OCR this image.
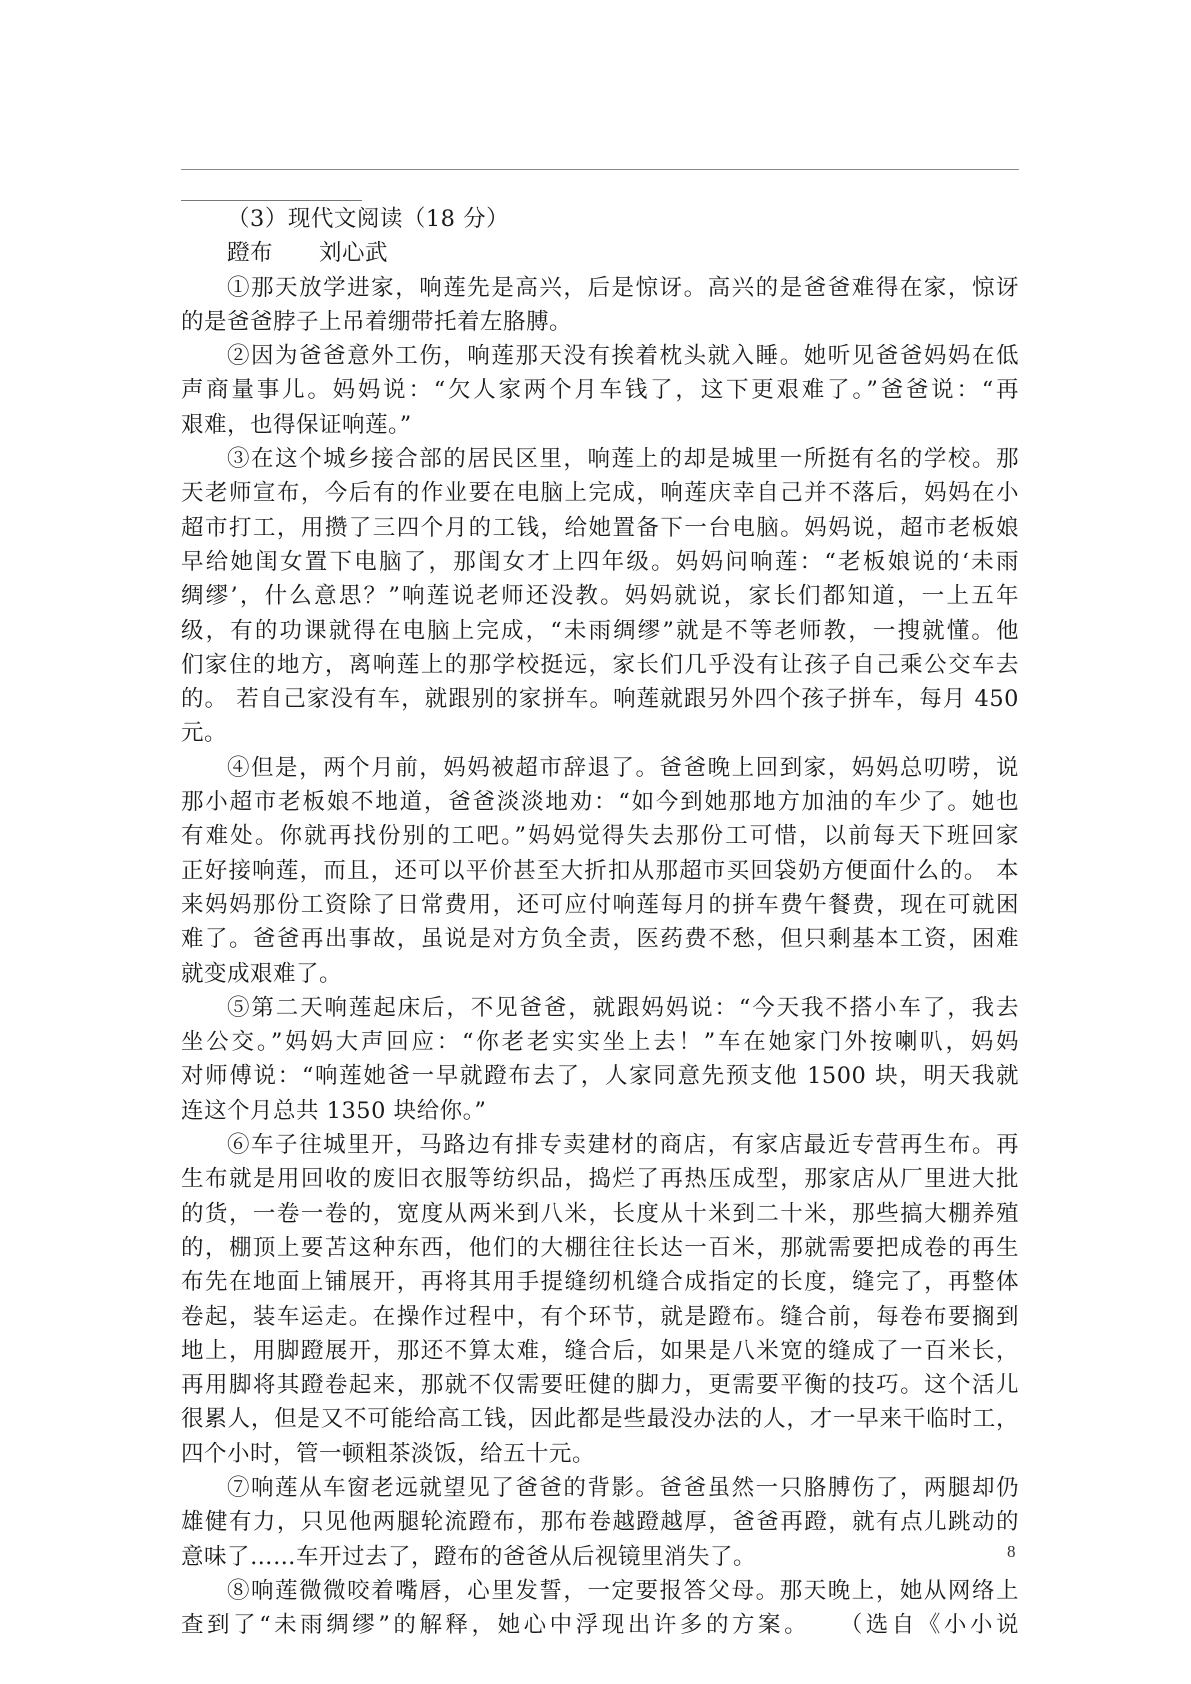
（3）现代文阅读（18 分）
蹬布　　刘心武
①那天放学进家，响莲先是高兴，后是惊讶。高兴的是爸爸难得在家，惊讶
的是爸爸脖子上吊着绷带托着左胳膊。
②因为爸爸意外工伤，响莲那天没有挨着枕头就入睡。她听见爸爸妈妈在低
声商量事儿。妈妈说：“欠人家两个月车钱了，这下更艰难了。”爸爸说：“再
艰难，也得保证响莲。”
③在这个城乡接合部的居民区里，响莲上的却是城里一所挺有名的学校。那
天老师宣布，今后有的作业要在电脑上完成，响莲庆幸自己并不落后，妈妈在小
超市打工，用攒了三四个月的工钱，给她置备下一台电脑。妈妈说，超市老板娘
早给她闺女置下电脑了，那闺女才上四年级。妈妈问响莲：“老板娘说的‘未雨
绸缪’，什么意思？”响莲说老师还没教。妈妈就说，家长们都知道，一上五年
级，有的功课就得在电脑上完成，“未雨绸缪”就是不等老师教，一搜就懂。他
们家住的地方，离响莲上的那学校挺远，家长们几乎没有让孩子自己乘公交车去
的。 若自己家没有车，就跟别的家拼车。响莲就跟另外四个孩子拼车，每月 450
元。
④但是，两个月前，妈妈被超市辞退了。爸爸晚上回到家，妈妈总叨唠，说
那小超市老板娘不地道，爸爸淡淡地劝：“如今到她那地方加油的车少了。她也
有难处。你就再找份别的工吧。”妈妈觉得失去那份工可惜，以前每天下班回家
正好接响莲，而且，还可以平价甚至大折扣从那超市买回袋奶方便面什么的。 本
来妈妈那份工资除了日常费用，还可应付响莲每月的拼车费午餐费，现在可就困
难了。爸爸再出事故，虽说是对方负全责，医药费不愁，但只剩基本工资，困难
就变成艰难了。
⑤第二天响莲起床后，不见爸爸，就跟妈妈说：“今天我不搭小车了，我去
坐公交。”妈妈大声回应：“你老老实实坐上去！”车在她家门外按喇叭，妈妈
对师傅说：“响莲她爸一早就蹬布去了，人家同意先预支他 1500 块，明天我就
连这个月总共 1350 块给你。”
⑥车子往城里开，马路边有排专卖建材的商店，有家店最近专营再生布。再
生布就是用回收的废旧衣服等纺织品，捣烂了再热压成型，那家店从厂里进大批
的货，一卷一卷的，宽度从两米到八米，长度从十米到二十米，那些搞大棚养殖
的，棚顶上要苫这种东西，他们的大棚往往长达一百米，那就需要把成卷的再生
布先在地面上铺展开，再将其用手提缝纫机缝合成指定的长度，缝完了，再整体
卷起，装车运走。在操作过程中，有个环节，就是蹬布。缝合前，每卷布要搁到
地上，用脚蹬展开，那还不算太难，缝合后，如果是八米宽的缝成了一百米长，
再用脚将其蹬卷起来，那就不仅需要旺健的脚力，更需要平衡的技巧。这个活儿
很累人，但是又不可能给高工钱，因此都是些最没办法的人，才一早来干临时工，
四个小时，管一顿粗茶淡饭，给五十元。
⑦响莲从车窗老远就望见了爸爸的背影。爸爸虽然一只胳膊伤了，两腿却仍
雄健有力，只见他两腿轮流蹬布，那布卷越蹬越厚，爸爸再蹬，就有点儿跳动的
意味了……车开过去了，蹬布的爸爸从后视镜里消失了。
⑧响莲微微咬着嘴唇，心里发誓，一定要报答父母。那天晚上，她从网络上
查到了“未雨绸缪”的解释，她心中浮现出许多的方案。　　（选自《小小说
8
